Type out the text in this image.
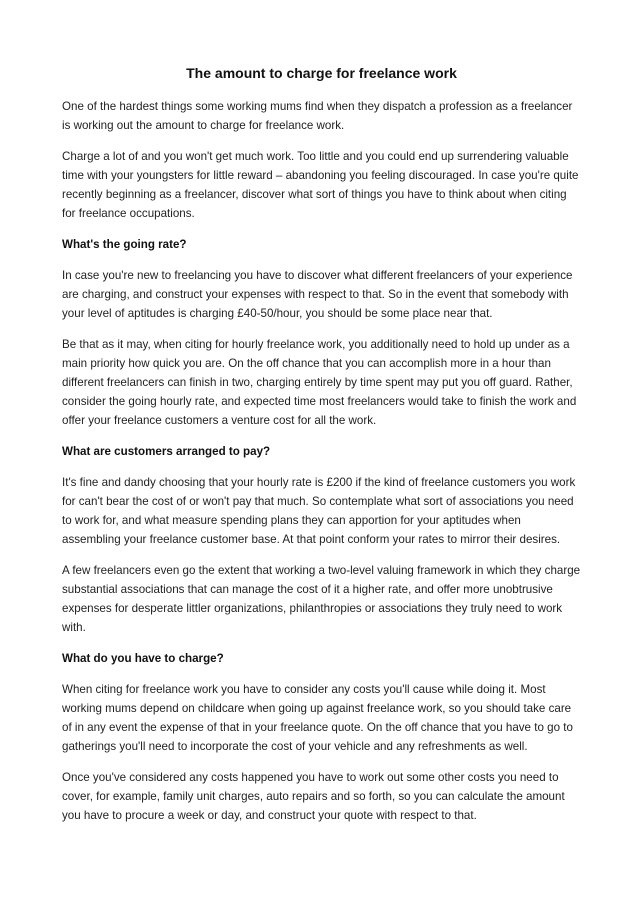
The amount to charge for freelance work

One of the hardest things some working mums find when they dispatch a profession as a freelancer is working out the amount to charge for freelance work.

Charge a lot of and you won't get much work. Too little and you could end up surrendering valuable time with your youngsters for little reward – abandoning you feeling discouraged. In case you're quite recently beginning as a freelancer, discover what sort of things you have to think about when citing for freelance occupations.

What's the going rate?

In case you're new to freelancing you have to discover what different freelancers of your experience are charging, and construct your expenses with respect to that. So in the event that somebody with your level of aptitudes is charging £40-50/hour, you should be some place near that.

Be that as it may, when citing for hourly freelance work, you additionally need to hold up under as a main priority how quick you are. On the off chance that you can accomplish more in a hour than different freelancers can finish in two, charging entirely by time spent may put you off guard. Rather, consider the going hourly rate, and expected time most freelancers would take to finish the work and offer your freelance customers a venture cost for all the work.

What are customers arranged to pay?

It's fine and dandy choosing that your hourly rate is £200 if the kind of freelance customers you work for can't bear the cost of or won't pay that much. So contemplate what sort of associations you need to work for, and what measure spending plans they can apportion for your aptitudes when assembling your freelance customer base. At that point conform your rates to mirror their desires.

A few freelancers even go the extent that working a two-level valuing framework in which they charge substantial associations that can manage the cost of it a higher rate, and offer more unobtrusive expenses for desperate littler organizations, philanthropies or associations they truly need to work with.

What do you have to charge?

When citing for freelance work you have to consider any costs you'll cause while doing it. Most working mums depend on childcare when going up against freelance work, so you should take care of in any event the expense of that in your freelance quote. On the off chance that you have to go to gatherings you'll need to incorporate the cost of your vehicle and any refreshments as well.

Once you've considered any costs happened you have to work out some other costs you need to cover, for example, family unit charges, auto repairs and so forth, so you can calculate the amount you have to procure a week or day, and construct your quote with respect to that.
